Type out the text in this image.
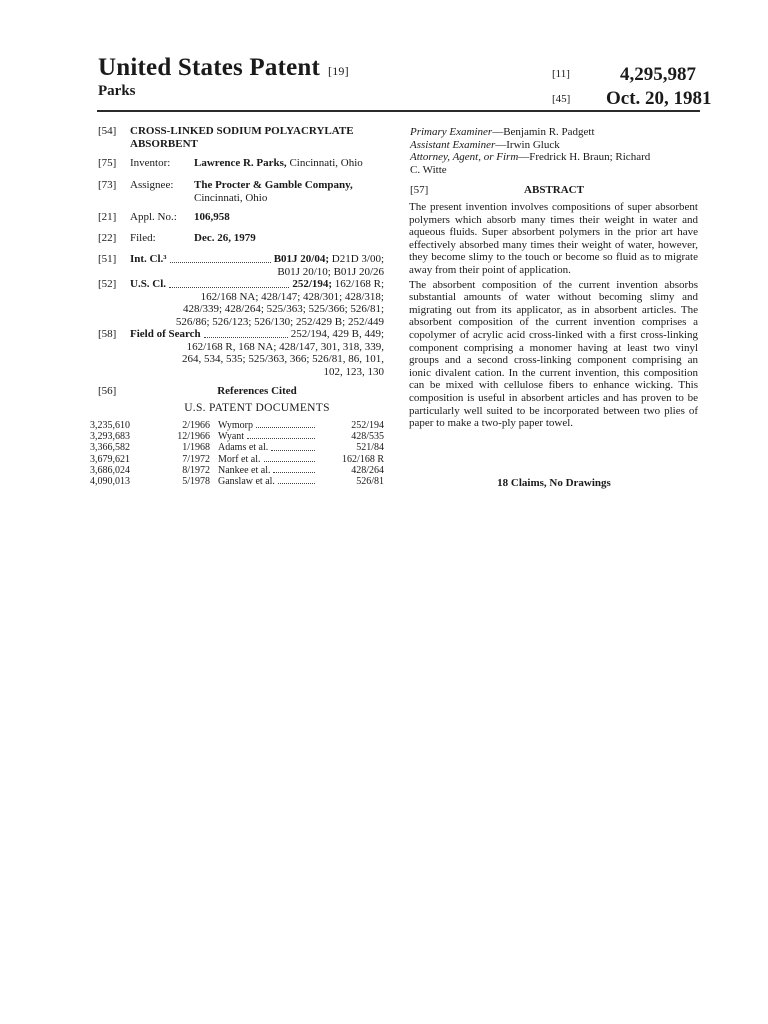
United States Patent [19]
Parks
[11]	4,295,987
[45] Oct. 20, 1981
[54] CROSS-LINKED SODIUM POLYACRYLATE
ABSORBENT
[75] Inventor: Lawrence R. Parks, Cincinnati, Ohio
[73] Assignee: The Procter & Gamble Company,
Cincinnati, Ohio
[21] Appl. No.: 106,958
[22] Filed:	Dec. 26, 1979
[51] Int. Cl.³	B01J 20/04; D21D 3/00;
B01J 20/10; B01J 20/26
[52] U.S. Cl.	252/194; 162/168 R;
162/168 NA; 428/147; 428/301; 428/318;
428/339; 428/264; 525/363; 525/366; 526/81;
526/86; 526/123; 526/130; 252/429 B; 252/449
[58] Field of Search	252/194, 429 B, 449;
162/168 R, 168 NA; 428/147, 301, 318, 339,
264, 534, 535; 525/363, 366; 526/81, 86, 101,
102, 123, 130
[56]	References Cited
U.S. PATENT DOCUMENTS
3,235,610	2/1966	Wymorp	252/194
3,293,683	12/1966	Wyant	428/535
3,366,582	1/1968	Adams et al.	521/84
3,679,621	7/1972	Morf et al.	162/168 R
3,686,024	8/1972	Nankee et al.	428/264
4,090,013	5/1978	Ganslaw et al.	526/81
Primary Examiner—Benjamin R. Padgett
Assistant Examiner—Irwin Gluck
Attorney, Agent, or Firm—Fredrick H. Braun; Richard
C. Witte
[57]	ABSTRACT

The present invention involves compositions of super absorbent polymers which absorb many times their weight in water and aqueous fluids. Super absorbent polymers in the prior art have effectively absorbed many times their weight of water, however, they become slimy to the touch or become so fluid as to migrate away from their point of application.

The absorbent composition of the current invention absorbs substantial amounts of water without becoming slimy and migrating out from its applicator, as in absorbent articles. The absorbent composition of the current invention comprises a copolymer of acrylic acid cross-linked with a first cross-linking component comprising a monomer having at least two vinyl groups and a second cross-linking component comprising an ionic divalent cation. In the current invention, this composition can be mixed with cellulose fibers to enhance wicking. This composition is useful in absorbent articles and has proven to be particularly well suited to be incorporated between two plies of paper to make a two-ply paper towel.

18 Claims, No Drawings
